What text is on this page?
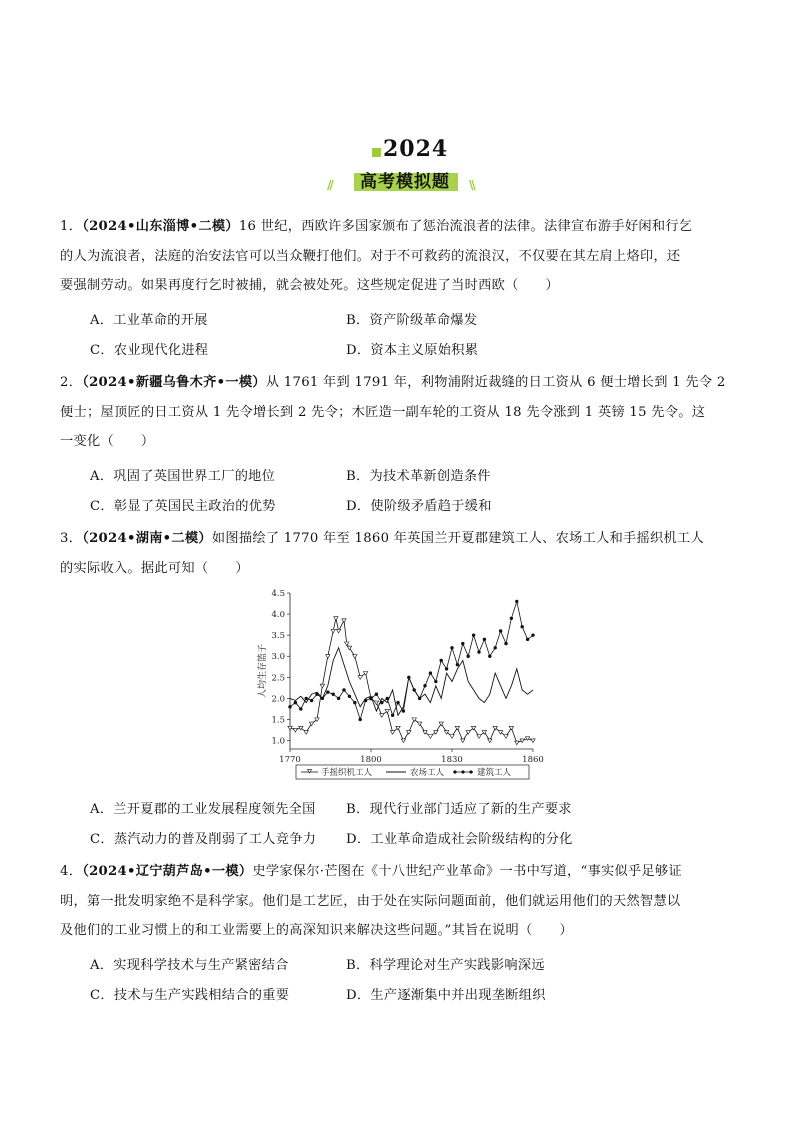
2024
//	高考模拟题	\\
1．（2024•山东淄博•二模）16 世纪，西欧许多国家颁布了惩治流浪者的法律。法律宣布游手好闲和行乞
的人为流浪者，法庭的治安法官可以当众鞭打他们。对于不可救药的流浪汉，不仅要在其左肩上烙印，还
要强制劳动。如果再度行乞时被捕，就会被处死。这些规定促进了当时西欧（　　）
A．工业革命的开展	B．资产阶级革命爆发
C．农业现代化进程	D．资本主义原始积累
2．（2024•新疆乌鲁木齐•一模）从 1761 年到 1791 年，利物浦附近裁缝的日工资从 6 便士增长到 1 先令 2
便士；屋顶匠的日工资从 1 先令增长到 2 先令；木匠造一副车轮的工资从 18 先令涨到 1 英镑 15 先令。这
一变化（　　）
A．巩固了英国世界工厂的地位	B．为技术革新创造条件
C．彰显了英国民主政治的优势	D．使阶级矛盾趋于缓和
3．（2024•湖南•二模）如图描绘了 1770 年至 1860 年英国兰开夏郡建筑工人、农场工人和手摇织机工人
的实际收入。据此可知（　　）
1.0
1.5
2.0
2.5
3.0
3.5
4.0
4.5
1770	1800	1830	1860
人均生存篮子
手摇织机工人	农场工人	建筑工人
A．兰开夏郡的工业发展程度领先全国 B．现代行业部门适应了新的生产要求
C．蒸汽动力的普及削弱了工人竞争力 D．工业革命造成社会阶级结构的分化
4．（2024•辽宁葫芦岛•一模）史学家保尔·芒图在《十八世纪产业革命》一书中写道，“事实似乎足够证
明，第一批发明家绝不是科学家。他们是工艺匠，由于处在实际问题面前，他们就运用他们的天然智慧以
及他们的工业习惯上的和工业需要上的高深知识来解决这些问题。”其旨在说明（　　）
A．实现科学技术与生产紧密结合	B．科学理论对生产实践影响深远
C．技术与生产实践相结合的重要	D．生产逐渐集中并出现垄断组织
